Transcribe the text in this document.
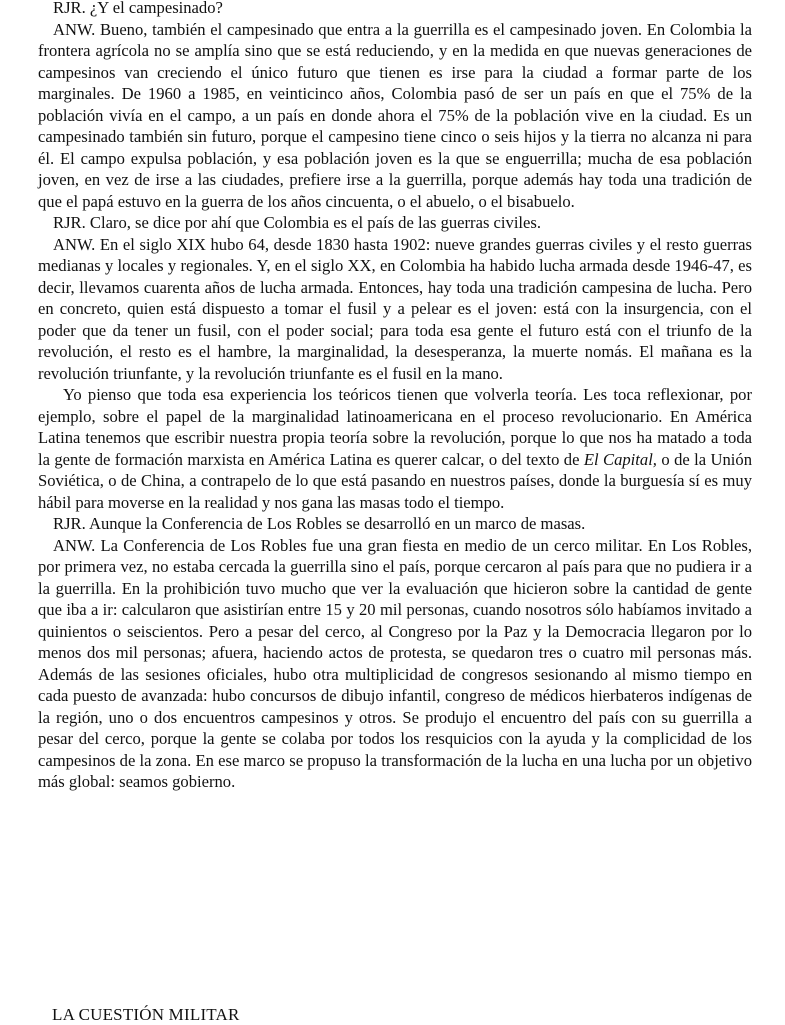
RJR. ¿Y el campesinado?

ANW. Bueno, también el campesinado que entra a la guerrilla es el campesinado joven. En Colombia la frontera agrícola no se amplía sino que se está reduciendo, y en la medida en que nuevas generaciones de campesinos van creciendo el único futuro que tienen es irse para la ciudad a formar parte de los marginales. De 1960 a 1985, en veinticinco años, Colombia pasó de ser un país en que el 75% de la población vivía en el campo, a un país en donde ahora el 75% de la población vive en la ciudad. Es un campesinado también sin futuro, porque el campesino tiene cinco o seis hijos y la tierra no alcanza ni para él. El campo expulsa población, y esa población joven es la que se enguerrilla; mucha de esa población joven, en vez de irse a las ciudades, prefiere irse a la guerrilla, porque además hay toda una tradición de que el papá estuvo en la guerra de los años cincuenta, o el abuelo, o el bisabuelo.

RJR. Claro, se dice por ahí que Colombia es el país de las guerras civiles.

ANW. En el siglo XIX hubo 64, desde 1830 hasta 1902: nueve grandes guerras civiles y el resto guerras medianas y locales y regionales. Y, en el siglo XX, en Colombia ha habido lucha armada desde 1946-47, es decir, llevamos cuarenta años de lucha armada. Entonces, hay toda una tradición campesina de lucha. Pero en concreto, quien está dispuesto a tomar el fusil y a pelear es el joven: está con la insurgencia, con el poder que da tener un fusil, con el poder social; para toda esa gente el futuro está con el triunfo de la revolución, el resto es el hambre, la marginalidad, la desesperanza, la muerte nomás. El mañana es la revolución triunfante, y la revolución triunfante es el fusil en la mano.

Yo pienso que toda esa experiencia los teóricos tienen que volverla teoría. Les toca reflexionar, por ejemplo, sobre el papel de la marginalidad latinoamericana en el proceso revolucionario. En América Latina tenemos que escribir nuestra propia teoría sobre la revolución, porque lo que nos ha matado a toda la gente de formación marxista en América Latina es querer calcar, o del texto de El Capital, o de la Unión Soviética, o de China, a contrapelo de lo que está pasando en nuestros países, donde la burguesía sí es muy hábil para moverse en la realidad y nos gana las masas todo el tiempo.

RJR. Aunque la Conferencia de Los Robles se desarrolló en un marco de masas.

ANW. La Conferencia de Los Robles fue una gran fiesta en medio de un cerco militar. En Los Robles, por primera vez, no estaba cercada la guerrilla sino el país, porque cercaron al país para que no pudiera ir a la guerrilla. En la prohibición tuvo mucho que ver la evaluación que hicieron sobre la cantidad de gente que iba a ir: calcularon que asistirían entre 15 y 20 mil personas, cuando nosotros sólo habíamos invitado a quinientos o seiscientos. Pero a pesar del cerco, al Congreso por la Paz y la Democracia llegaron por lo menos dos mil personas; afuera, haciendo actos de protesta, se quedaron tres o cuatro mil personas más. Además de las sesiones oficiales, hubo otra multiplicidad de congresos sesionando al mismo tiempo en cada puesto de avanzada: hubo concursos de dibujo infantil, congreso de médicos hierbateros indígenas de la región, uno o dos encuentros campesinos y otros. Se produjo el encuentro del país con su guerrilla a pesar del cerco, porque la gente se colaba por todos los resquicios con la ayuda y la complicidad de los campesinos de la zona. En ese marco se propuso la transformación de la lucha en una lucha por un objetivo más global: seamos gobierno.

LA CUESTIÓN MILITAR
